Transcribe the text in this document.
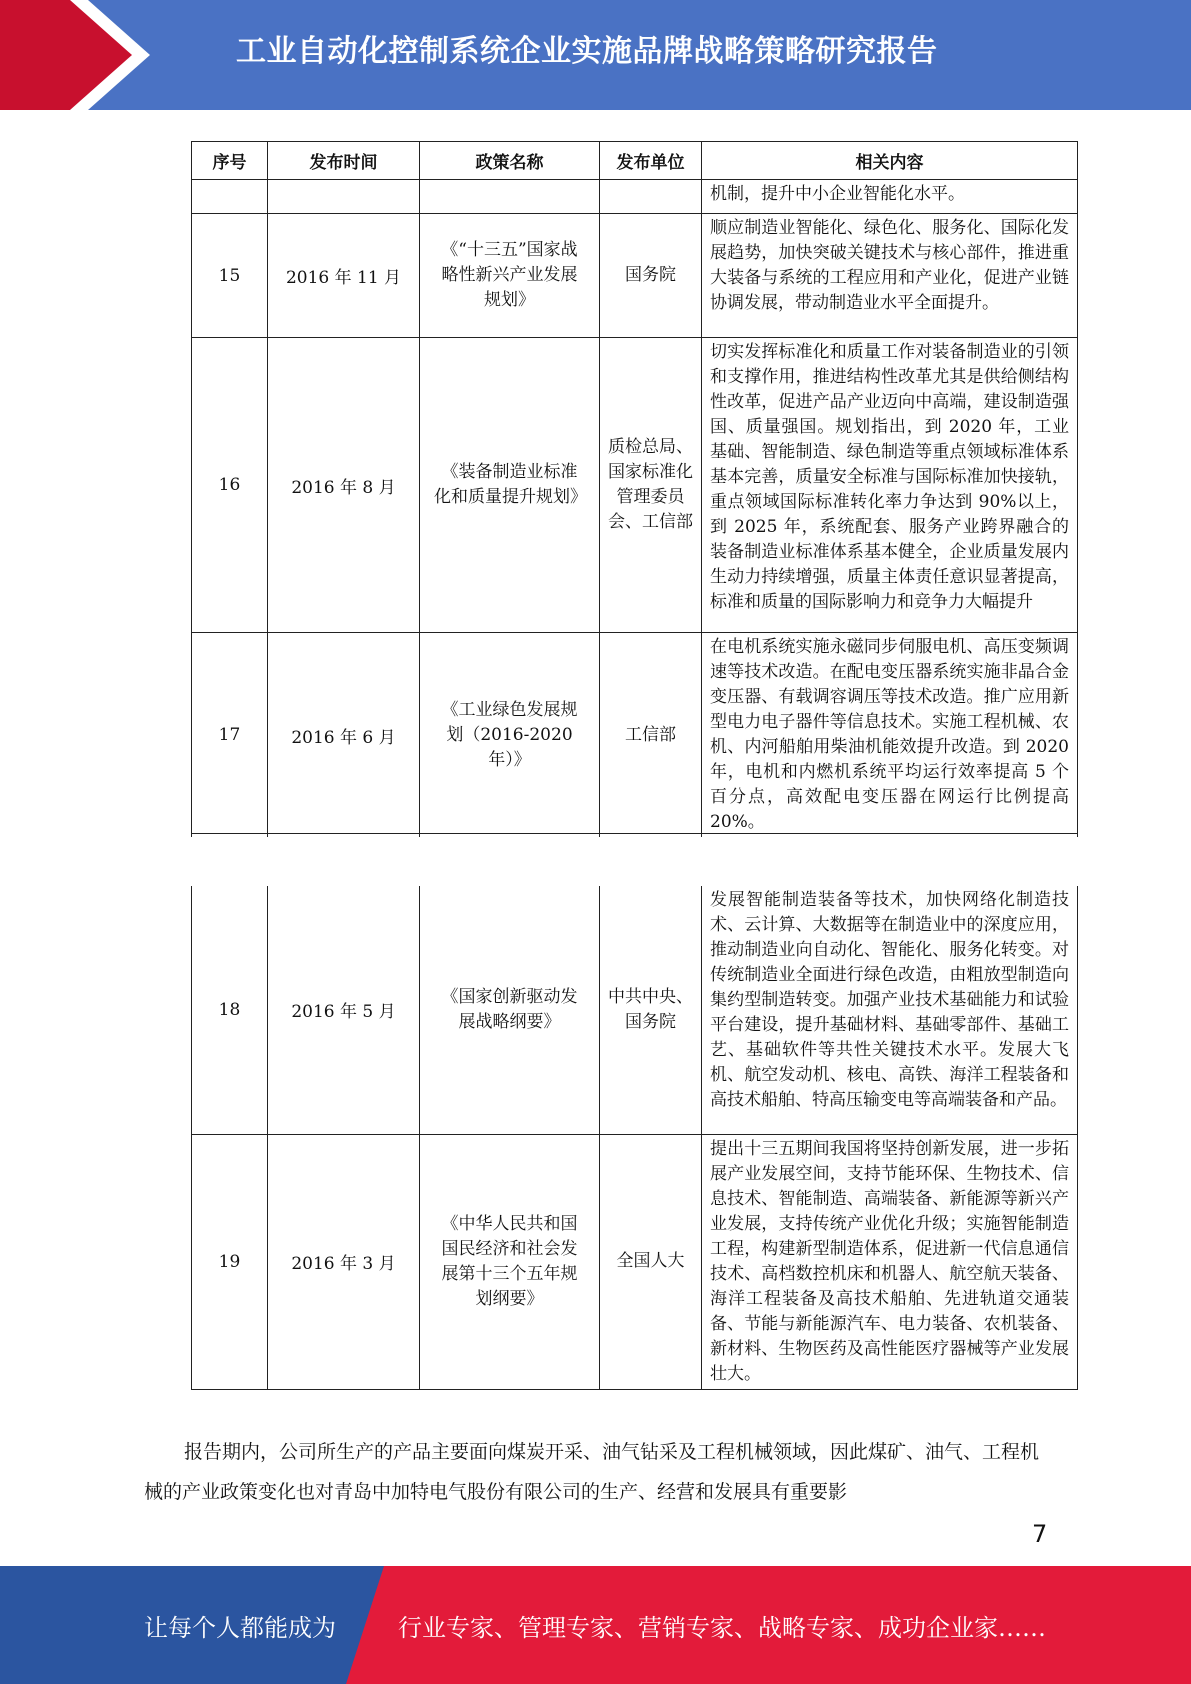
工业自动化控制系统企业实施品牌战略策略研究报告
序号	发布时间	政策名称	发布单位	相关内容
				机制，提升中小企业智能化水平。
15	2016 年 11 月	《“十三五”国家战略性新兴产业发展规划》	国务院	顺应制造业智能化、绿色化、服务化、国际化发展趋势，加快突破关键技术与核心部件，推进重大装备与系统的工程应用和产业化，促进产业链协调发展，带动制造业水平全面提升。
16	2016 年 8 月	《装备制造业标准化和质量提升规划》	质检总局、国家标准化管理委员会、工信部	切实发挥标准化和质量工作对装备制造业的引领和支撑作用，推进结构性改革尤其是供给侧结构性改革，促进产品产业迈向中高端，建设制造强国、质量强国。规划指出，到 2020 年，工业基础、智能制造、绿色制造等重点领域标准体系基本完善，质量安全标准与国际标准加快接轨，重点领域国际标准转化率力争达到 90%以上，到 2025 年，系统配套、服务产业跨界融合的装备制造业标准体系基本健全，企业质量发展内生动力持续增强，质量主体责任意识显著提高，标准和质量的国际影响力和竞争力大幅提升
17	2016 年 6 月	《工业绿色发展规划（2016-2020 年）》	工信部	在电机系统实施永磁同步伺服电机、高压变频调速等技术改造。在配电变压器系统实施非晶合金变压器、有载调容调压等技术改造。推广应用新型电力电子器件等信息技术。实施工程机械、农机、内河船舶用柴油机能效提升改造。到 2020 年，电机和内燃机系统平均运行效率提高 5 个百分点，高效配电变压器在网运行比例提高 20%。
18	2016 年 5 月	《国家创新驱动发展战略纲要》	中共中央、国务院	发展智能制造装备等技术，加快网络化制造技术、云计算、大数据等在制造业中的深度应用，推动制造业向自动化、智能化、服务化转变。对传统制造业全面进行绿色改造，由粗放型制造向集约型制造转变。加强产业技术基础能力和试验平台建设，提升基础材料、基础零部件、基础工艺、基础软件等共性关键技术水平。发展大飞机、航空发动机、核电、高铁、海洋工程装备和高技术船舶、特高压输变电等高端装备和产品。
19	2016 年 3 月	《中华人民共和国国民经济和社会发展第十三个五年规划纲要》	全国人大	提出十三五期间我国将坚持创新发展，进一步拓展产业发展空间，支持节能环保、生物技术、信息技术、智能制造、高端装备、新能源等新兴产业发展，支持传统产业优化升级；实施智能制造工程，构建新型制造体系，促进新一代信息通信技术、高档数控机床和机器人、航空航天装备、海洋工程装备及高技术船舶、先进轨道交通装备、节能与新能源汽车、电力装备、农机装备、新材料、生物医药及高性能医疗器械等产业发展壮大。
报告期内，公司所生产的产品主要面向煤炭开采、油气钻采及工程机械领域，因此煤矿、油气、工程机械的产业政策变化也对青岛中加特电气股份有限公司的生产、经营和发展具有重要影
7
让每个人都能成为	行业专家、管理专家、营销专家、战略专家、成功企业家……
